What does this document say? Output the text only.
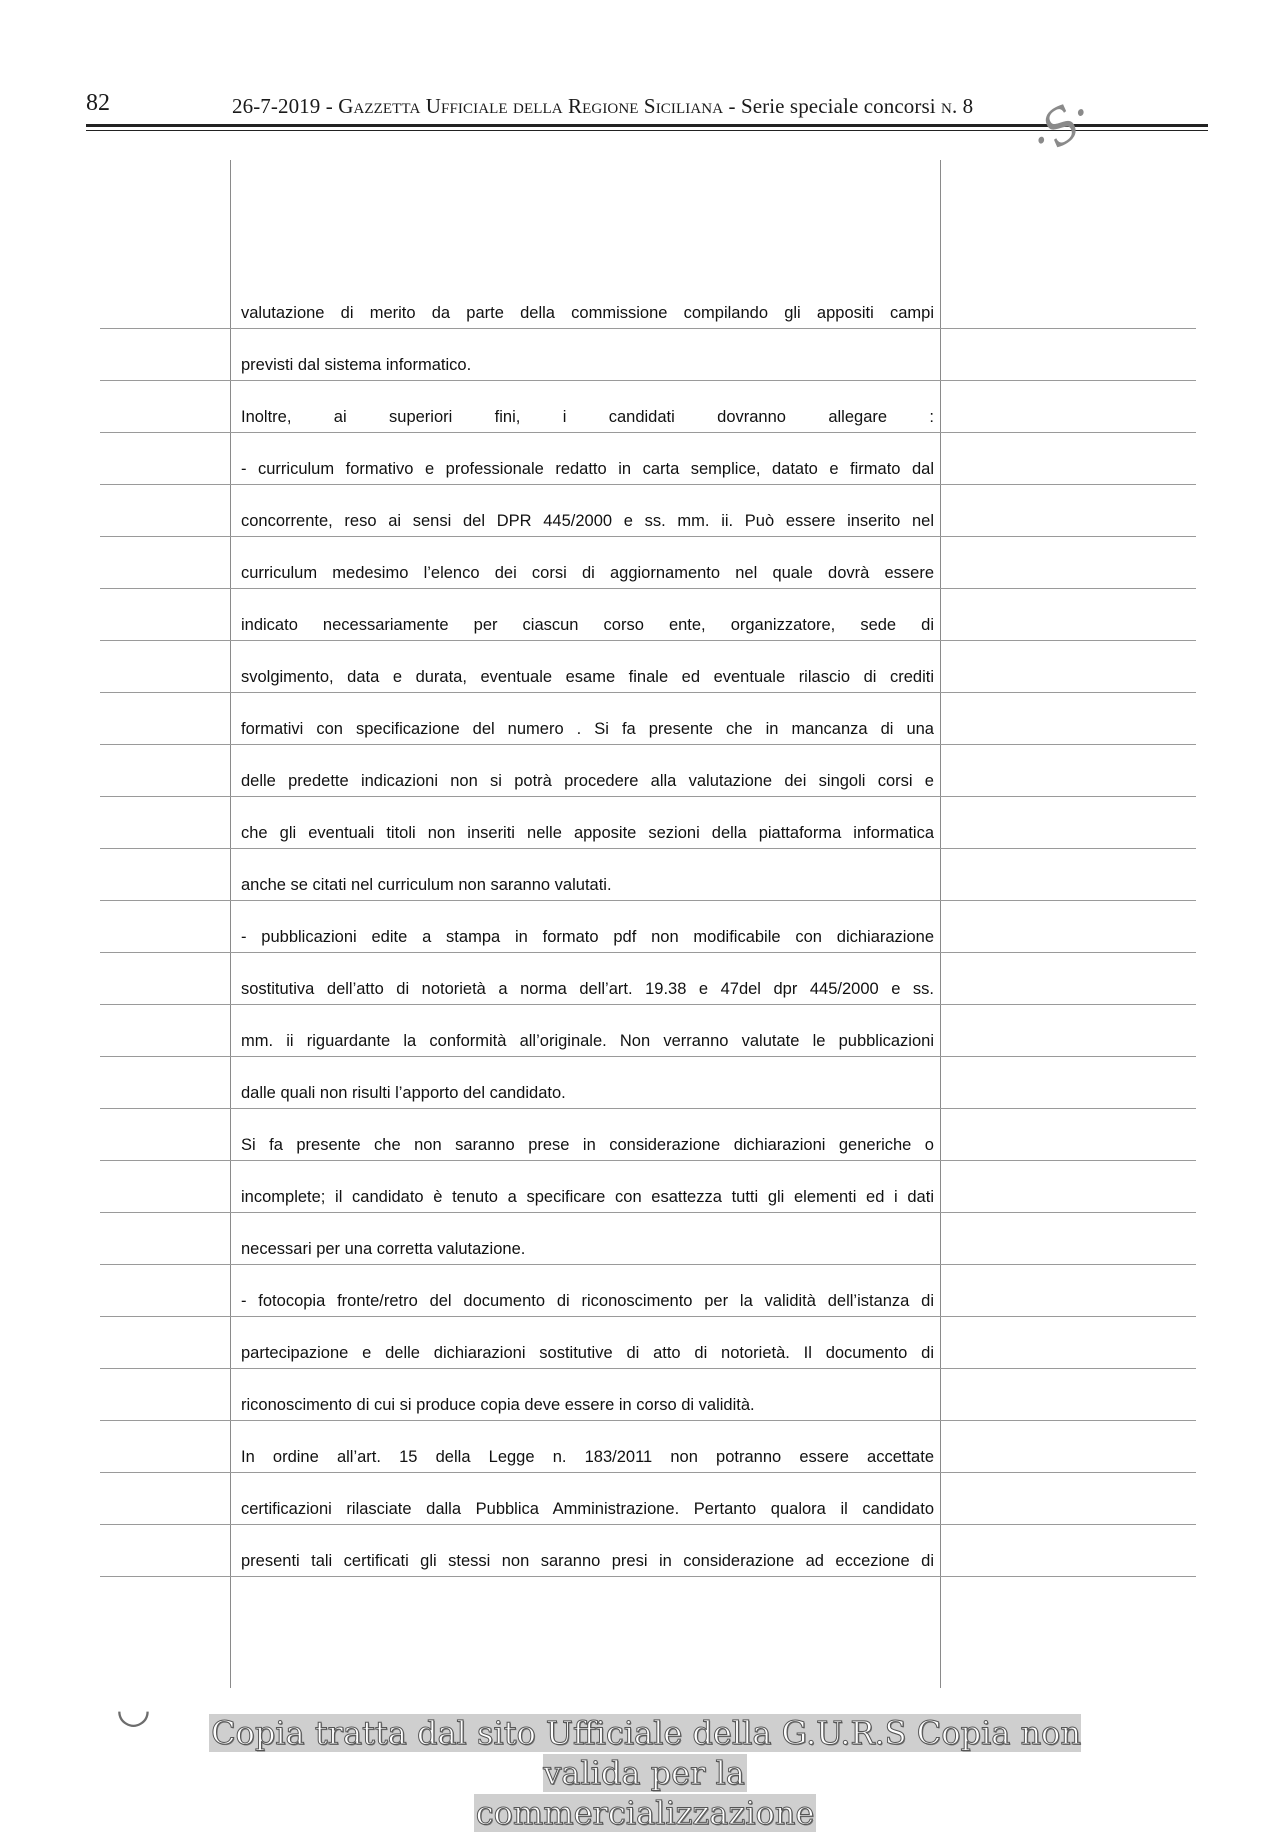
82	26-7-2019 - Gazzetta Ufficiale della Regione Siciliana - Serie speciale concorsi n. 8 ·S·
valutazione di merito da parte della commissione compilando gli appositi campi
previsti dal sistema informatico.
Inoltre, ai superiori fini, i candidati dovranno allegare :
- curriculum formativo e professionale redatto in carta semplice, datato e firmato dal
concorrente, reso ai sensi del DPR 445/2000 e ss. mm. ii. Può essere inserito nel
curriculum medesimo l’elenco dei corsi di aggiornamento nel quale dovrà essere
indicato necessariamente per ciascun corso ente, organizzatore, sede di
svolgimento, data e durata, eventuale esame finale ed eventuale rilascio di crediti
formativi con specificazione del numero . Si fa presente che in mancanza di una
delle predette indicazioni non si potrà procedere alla valutazione dei singoli corsi e
che gli eventuali titoli non inseriti nelle apposite sezioni della piattaforma informatica
anche se citati nel curriculum non saranno valutati.
- pubblicazioni edite a stampa in formato pdf non modificabile con dichiarazione
sostitutiva dell’atto di notorietà a norma dell’art. 19.38 e 47del dpr 445/2000 e ss.
mm. ii riguardante la conformità all’originale. Non verranno valutate le pubblicazioni
dalle quali non risulti l’apporto del candidato.
Si fa presente che non saranno prese in considerazione dichiarazioni generiche o
incomplete; il candidato è tenuto a specificare con esattezza tutti gli elementi ed i dati
necessari per una corretta valutazione.
- fotocopia fronte/retro del documento di riconoscimento per la validità dell’istanza di
partecipazione e delle dichiarazioni sostitutive di atto di notorietà. Il documento di
riconoscimento di cui si produce copia deve essere in corso di validità.
In ordine all’art. 15 della Legge n. 183/2011 non potranno essere accettate
certificazioni rilasciate dalla Pubblica Amministrazione. Pertanto qualora il candidato
presenti tali certificati gli stessi non saranno presi in considerazione ad eccezione di
◡
Copia tratta dal sito Ufficiale della G.U.R.S Copia non valida per la
commercializzazione
